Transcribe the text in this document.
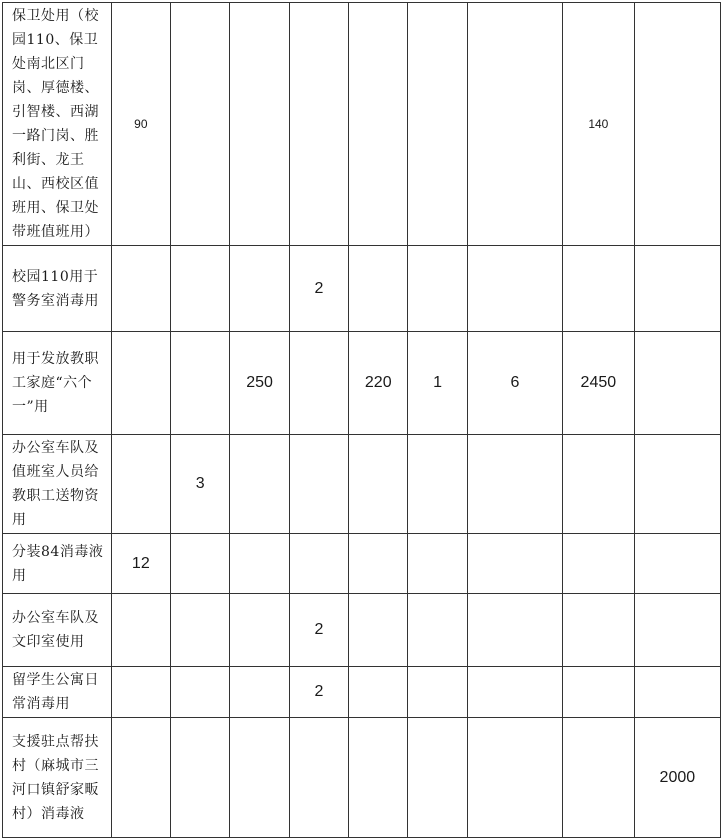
保卫处用（校园110、保卫处南北区门岗、厚德楼、引智楼、西湖一路门岗、胜利街、龙王山、西校区值班用、保卫处带班值班用）	90							140	
校园110用于警务室消毒用				2					
用于发放教职工家庭“六个一”用			250		220	1	6	2450	
办公室车队及值班室人员给教职工送物资用		3							
分装84消毒液用	12								
办公室车队及文印室使用				2					
留学生公寓日常消毒用				2					
支援驻点帮扶村（麻城市三河口镇舒家畈村）消毒液									2000
